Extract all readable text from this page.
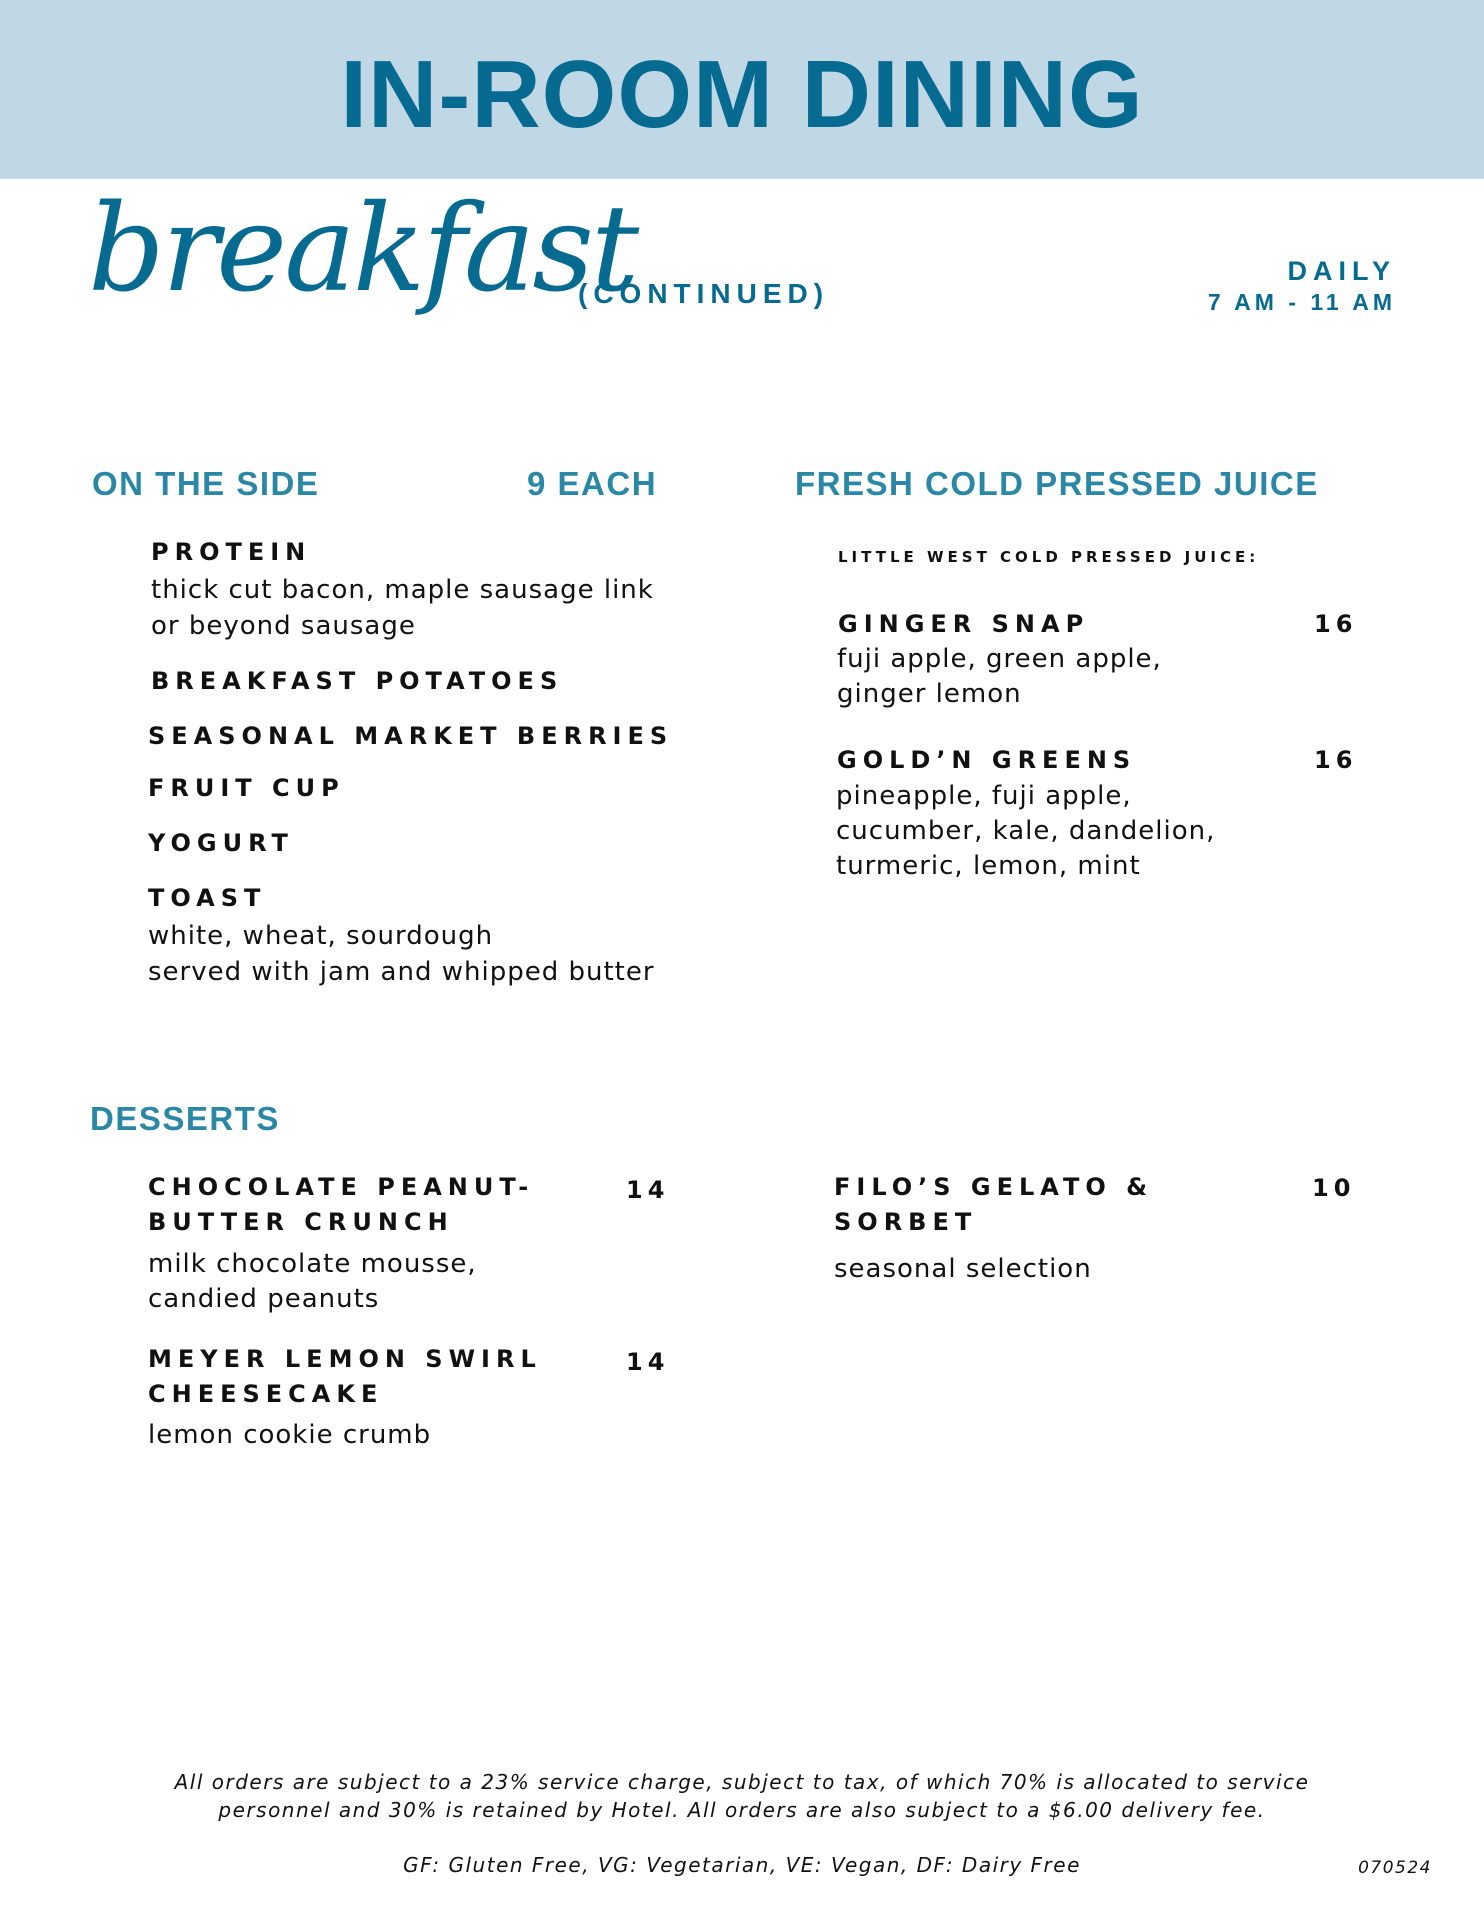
IN-ROOM DINING
breakfast
(CONTINUED)
DAILY
7 AM - 11 AM
ON THE SIDE	9 EACH
PROTEIN
thick cut bacon, maple sausage link
or beyond sausage
BREAKFAST POTATOES
SEASONAL MARKET BERRIES
FRUIT CUP
YOGURT
TOAST
white, wheat, sourdough
served with jam and whipped butter
FRESH COLD PRESSED JUICE
LITTLE WEST COLD PRESSED JUICE:
GINGER SNAP	16
fuji apple, green apple,
ginger lemon
GOLD’N GREENS	16
pineapple, fuji apple,
cucumber, kale, dandelion,
turmeric, lemon, mint
DESSERTS
CHOCOLATE PEANUT-
BUTTER CRUNCH
14
milk chocolate mousse,
candied peanuts
MEYER LEMON SWIRL
CHEESECAKE
14
lemon cookie crumb
FILO’S GELATO &
SORBET
10
seasonal selection
All orders are subject to a 23% service charge, subject to tax, of which 70% is allocated to service
personnel and 30% is retained by Hotel. All orders are also subject to a $6.00 delivery fee.
GF: Gluten Free, VG: Vegetarian, VE: Vegan, DF: Dairy Free	070524
